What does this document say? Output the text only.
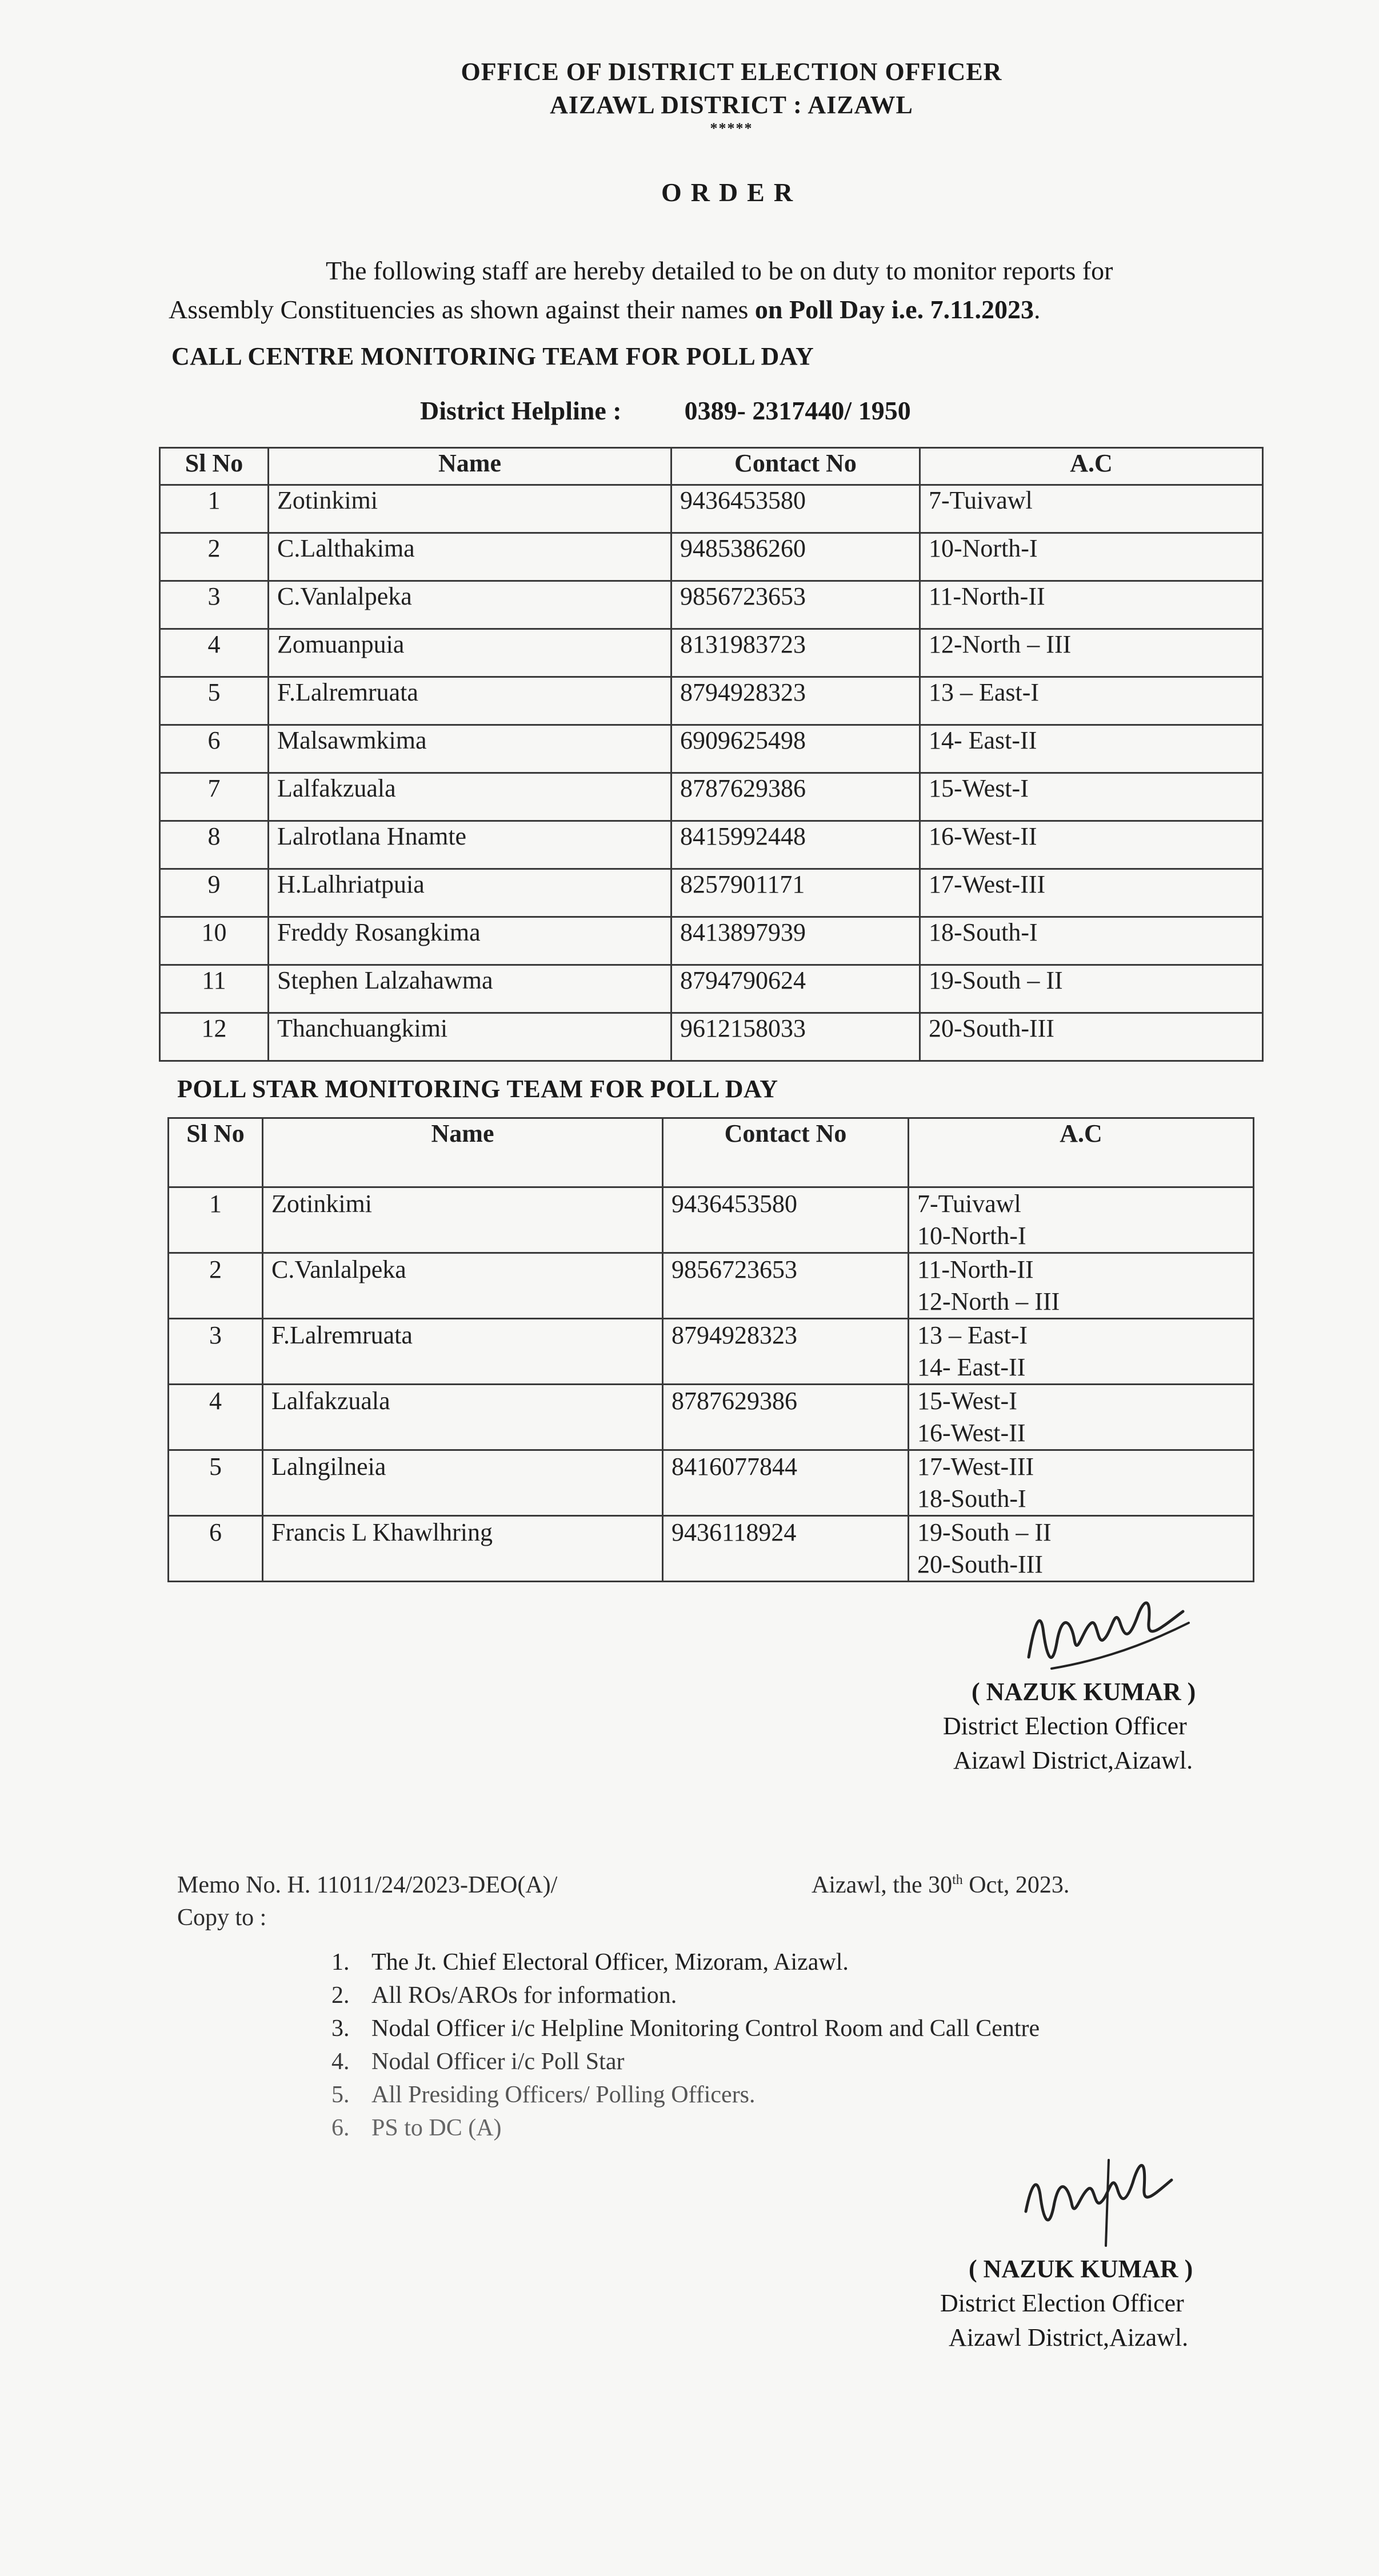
OFFICE OF DISTRICT ELECTION OFFICER
AIZAWL DISTRICT : AIZAWL
*****
ORDER
The following staff are hereby detailed to be on duty to monitor reports for
Assembly Constituencies as shown against their names on Poll Day i.e. 7.11.2023.
CALL CENTRE MONITORING TEAM FOR POLL DAY
District Helpline : 0389- 2317440/ 1950
Sl No	Name	Contact No	A.C
1	Zotinkimi	9436453580	7-Tuivawl
2	C.Lalthakima	9485386260	10-North-I
3	C.Vanlalpeka	9856723653	11-North-II
4	Zomuanpuia	8131983723	12-North – III
5	F.Lalremruata	8794928323	13 – East-I
6	Malsawmkima	6909625498	14- East-II
7	Lalfakzuala	8787629386	15-West-I
8	Lalrotlana Hnamte	8415992448	16-West-II
9	H.Lalhriatpuia	8257901171	17-West-III
10	Freddy Rosangkima	8413897939	18-South-I
11	Stephen Lalzahawma	8794790624	19-South – II
12	Thanchuangkimi	9612158033	20-South-III
POLL STAR MONITORING TEAM FOR POLL DAY
Sl No	Name	Contact No	A.C
1	Zotinkimi	9436453580	7-Tuivawl
10-North-I

2	C.Vanlalpeka	9856723653	11-North-II
12-North – III

3	F.Lalremruata	8794928323	13 – East-I
14- East-II

4	Lalfakzuala	8787629386	15-West-I
16-West-II

5	Lalngilneia	8416077844	17-West-III
18-South-I

6	Francis L Khawlhring	9436118924	19-South – II
20-South-III
( NAZUK KUMAR )
District Election Officer
Aizawl District,Aizawl.
Memo No. H. 11011/24/2023-DEO(A)/	Aizawl, the 30th Oct, 2023.
Copy to :
1. The Jt. Chief Electoral Officer, Mizoram, Aizawl.
2. All ROs/AROs for information.
3. Nodal Officer i/c Helpline Monitoring Control Room and Call Centre
4. Nodal Officer i/c Poll Star
5. All Presiding Officers/ Polling Officers.
6. PS to DC (A)
( NAZUK KUMAR )
District Election Officer
Aizawl District,Aizawl.
